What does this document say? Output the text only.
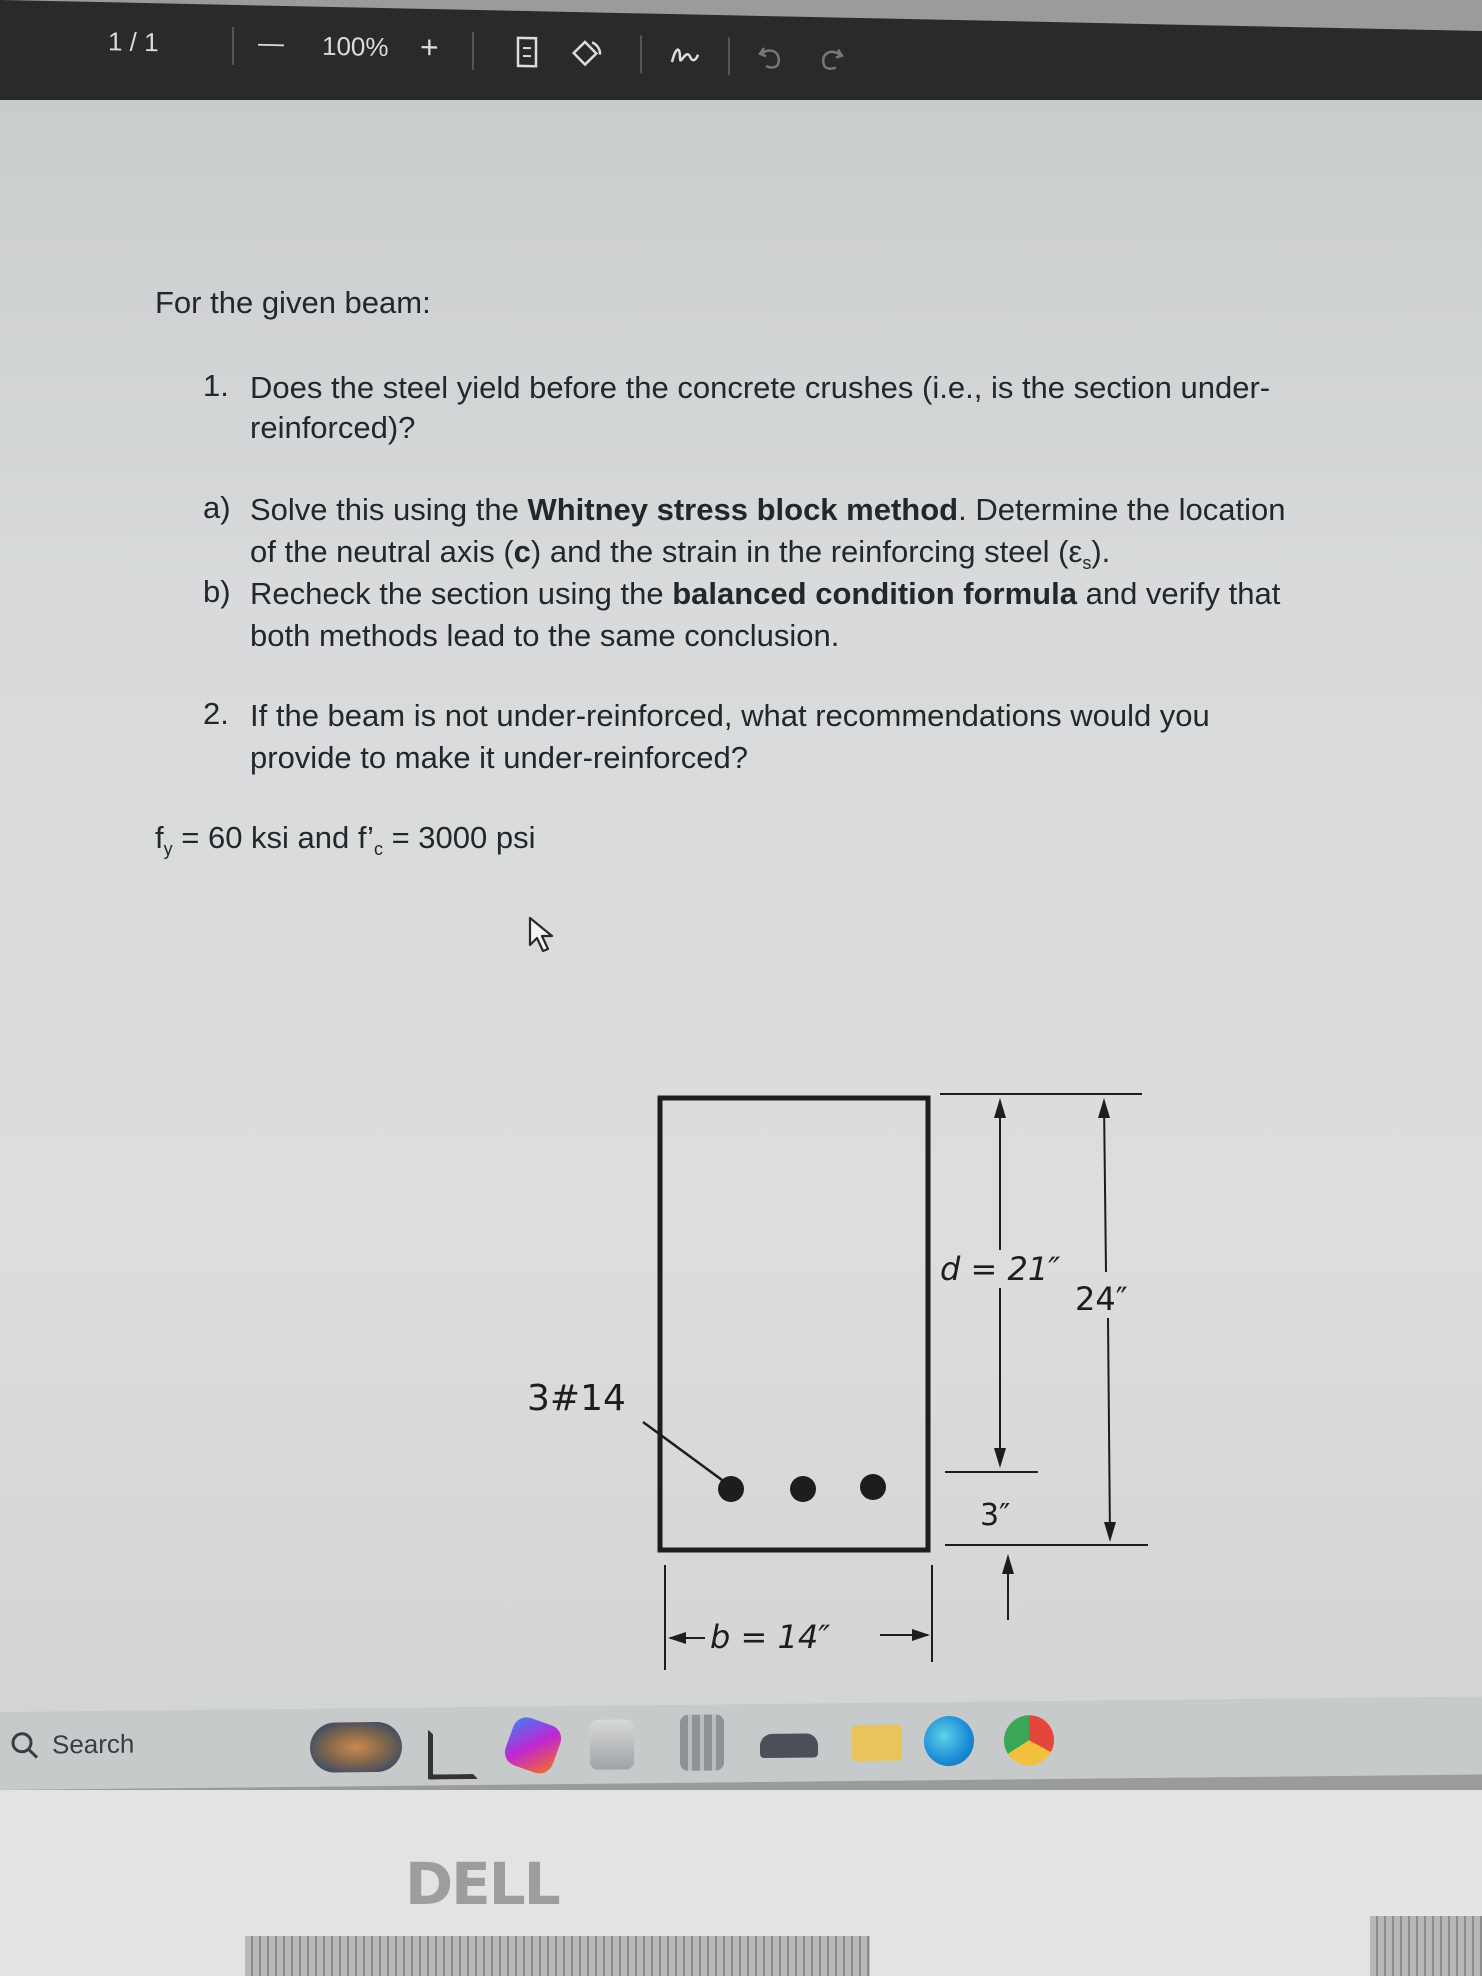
1 / 1	— 100% +
For the given beam:
1. Does the steel yield before the concrete crushes (i.e., is the section under-
reinforced)?
a) Solve this using the Whitney stress block method. Determine the location
of the neutral axis (c) and the strain in the reinforcing steel $(\varepsilon_s)$.
b) Recheck the section using the balanced condition formula and verify that
both methods lead to the same conclusion.
2. If the beam is not under-reinforced, what recommendations would you
provide to make it under-reinforced?
$f_y = 60$ ksi and $f’_c = 3000$ psi
3#14
d = 21″
24″
3″
b = 14″
Search
DELL
